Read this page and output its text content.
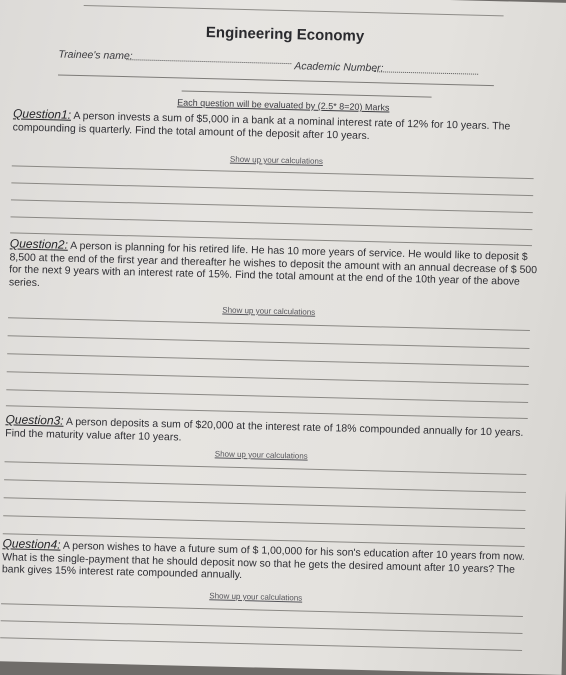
Engineering Economy
Trainee's name:
Academic Number:
Each question will be evaluated by (2.5* 8=20) Marks
Question1: A person invests a sum of $5,000 in a bank at a nominal interest rate of 12% for 10 years. The compounding is quarterly. Find the total amount of the deposit after 10 years.
Show up your calculations
Question2: A person is planning for his retired life. He has 10 more years of service. He would like to deposit $ 8,500 at the end of the first year and thereafter he wishes to deposit the amount with an annual decrease of $ 500 for the next 9 years with an interest rate of 15%. Find the total amount at the end of the 10th year of the above series.
Show up your calculations
Question3: A person deposits a sum of $20,000 at the interest rate of 18% compounded annually for 10 years. Find the maturity value after 10 years.
Show up your calculations
Question4: A person wishes to have a future sum of $ 1,00,000 for his son's education after 10 years from now. What is the single-payment that he should deposit now so that he gets the desired amount after 10 years? The bank gives 15% interest rate compounded annually.
Show up your calculations
